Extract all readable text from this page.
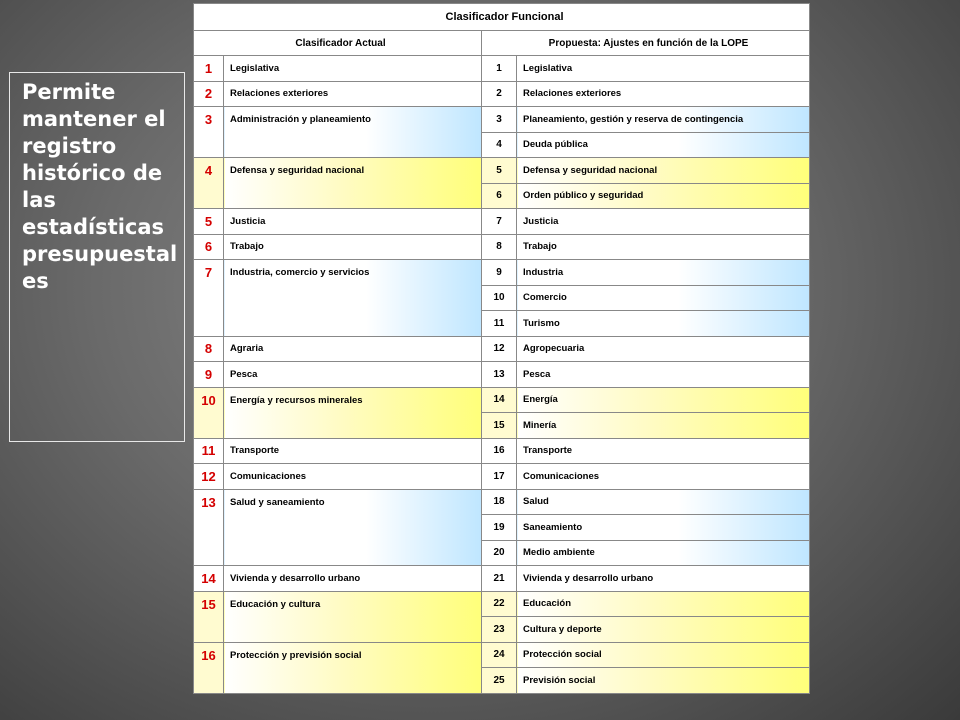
Permite mantener el registro histórico de las estadísticas presupuestales
Clasificador Funcional			
Clasificador Actual		Propuesta: Ajustes en función de la LOPE	
1	Legislativa	1	Legislativa
2	Relaciones exteriores	2	Relaciones exteriores
3	Administración y planeamiento	3	Planeamiento, gestión y reserva de contingencia
		4	Deuda pública
4	Defensa y seguridad nacional	5	Defensa y seguridad nacional
		6	Orden público y seguridad
5	Justicia	7	Justicia
6	Trabajo	8	Trabajo
7	Industria, comercio y servicios	9	Industria
		10	Comercio
		11	Turismo
8	Agraria	12	Agropecuaria
9	Pesca	13	Pesca
10	Energía y recursos minerales	14	Energía
		15	Minería
11	Transporte	16	Transporte
12	Comunicaciones	17	Comunicaciones
13	Salud y saneamiento	18	Salud
		19	Saneamiento
		20	Medio ambiente
14	Vivienda y desarrollo urbano	21	Vivienda y desarrollo urbano
15	Educación y cultura	22	Educación
		23	Cultura y deporte
16	Protección y previsión social	24	Protección social
		25	Previsión social
